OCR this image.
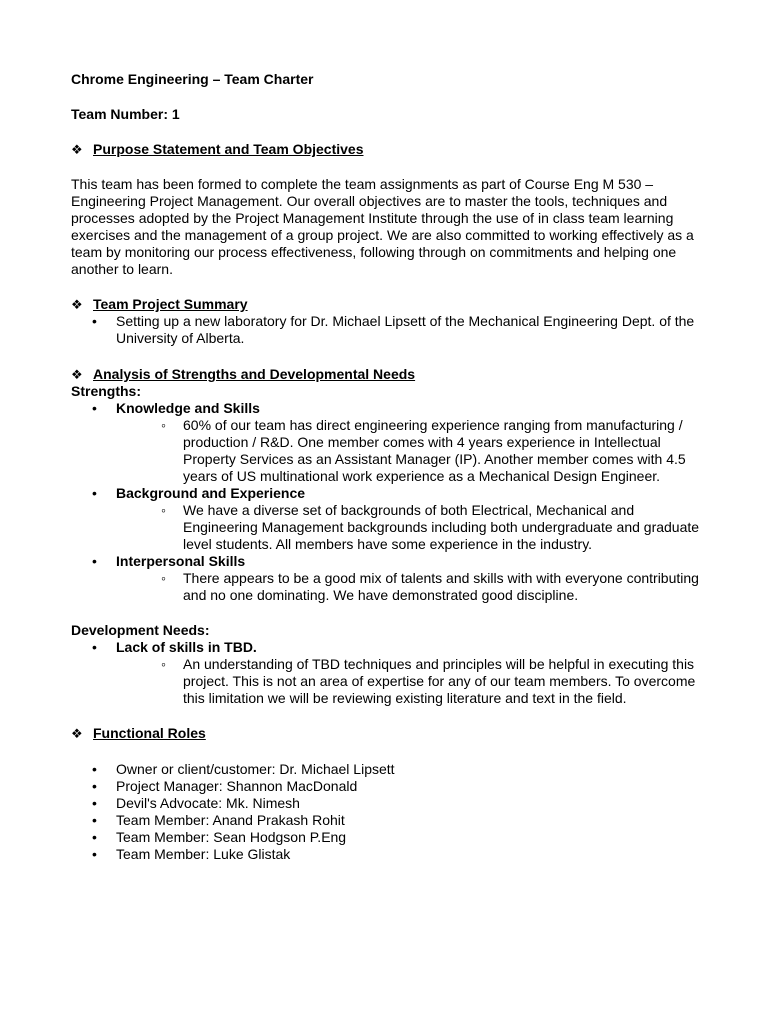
Chrome Engineering – Team Charter

Team Number: 1

❖ Purpose Statement and Team Objectives

This team has been formed to complete the team assignments as part of Course Eng M 530 – Engineering Project Management. Our overall objectives are to master the tools, techniques and processes adopted by the Project Management Institute through the use of in class team learning exercises and the management of a group project. We are also committed to working effectively as a team by monitoring our process effectiveness, following through on commitments and helping one another to learn.

❖ Team Project Summary
• Setting up a new laboratory for Dr. Michael Lipsett of the Mechanical Engineering Dept. of the University of Alberta.
❖ Analysis of Strengths and Developmental Needs

Strengths:

• Knowledge and Skills
◦ 60% of our team has direct engineering experience ranging from manufacturing / production / R&D. One member comes with 4 years experience in Intellectual Property Services as an Assistant Manager (IP). Another member comes with 4.5 years of US multinational work experience as a Mechanical Design Engineer.
• Background and Experience
◦ We have a diverse set of backgrounds of both Electrical, Mechanical and Engineering Management backgrounds including both undergraduate and graduate level students. All members have some experience in the industry.
• Interpersonal Skills
◦ There appears to be a good mix of talents and skills with with everyone contributing and no one dominating. We have demonstrated good discipline.

Development Needs:

• Lack of skills in TBD.
◦ An understanding of TBD techniques and principles will be helpful in executing this project. This is not an area of expertise for any of our team members. To overcome this limitation we will be reviewing existing literature and text in the field.
❖ Functional Roles
• Owner or client/customer: Dr. Michael Lipsett
• Project Manager: Shannon MacDonald
• Devil's Advocate: Mk. Nimesh
• Team Member: Anand Prakash Rohit
• Team Member: Sean Hodgson P.Eng
• Team Member: Luke Glistak
